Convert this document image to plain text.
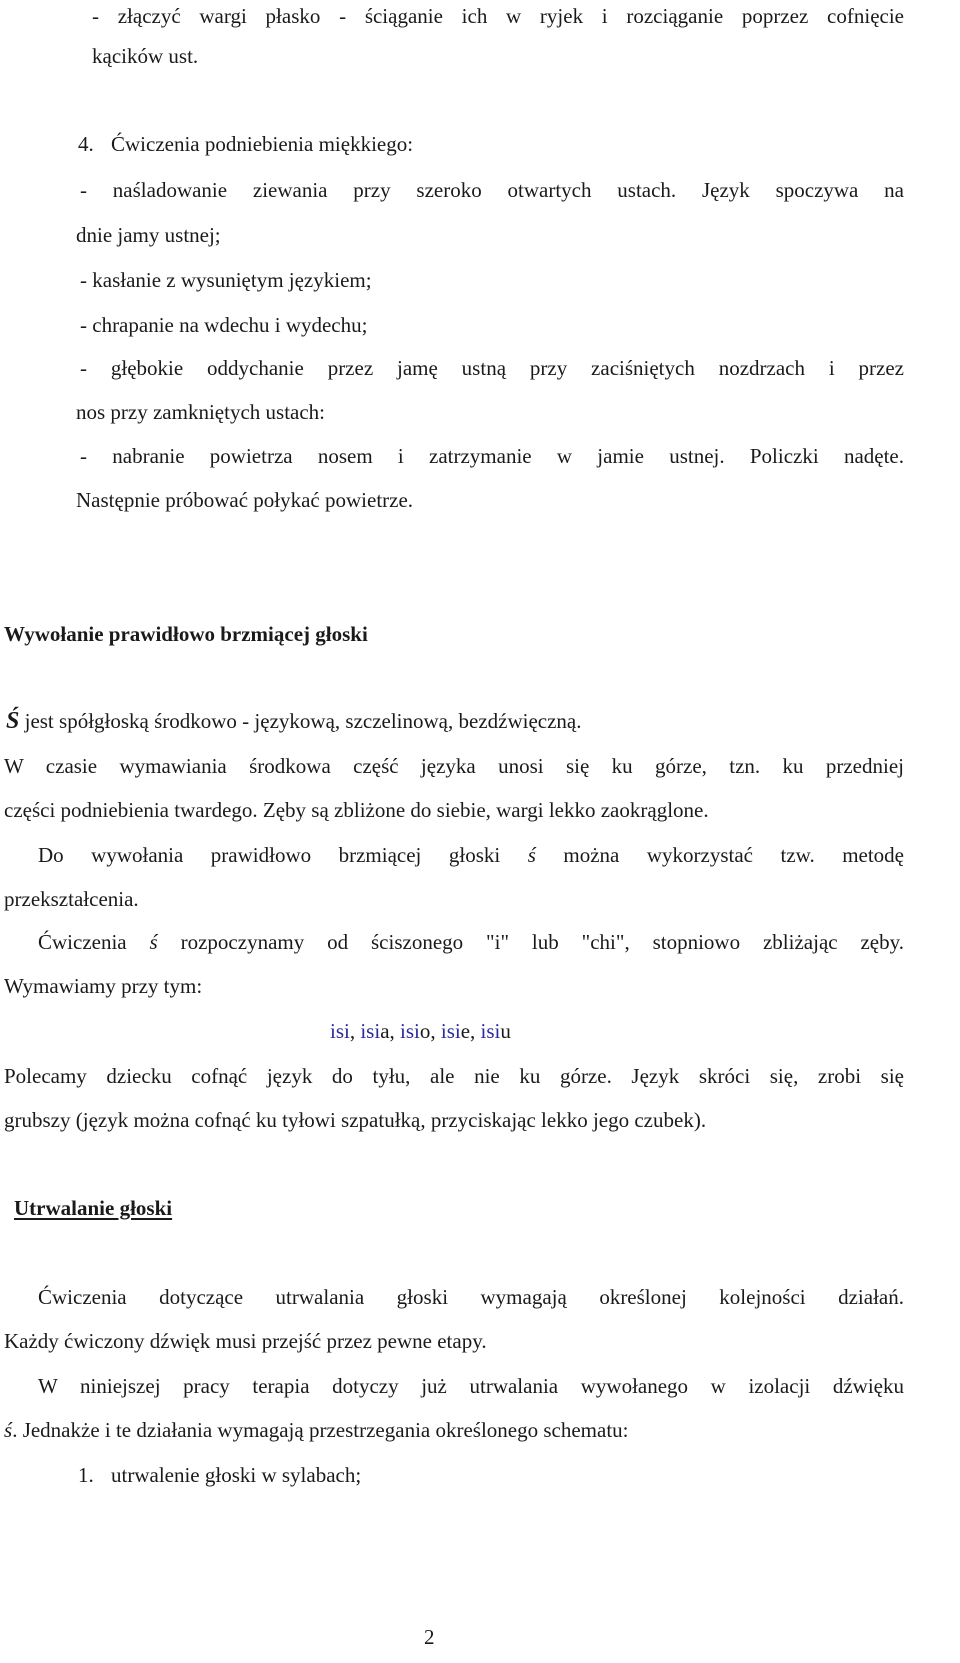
- złączyć wargi płasko - ściąganie ich w ryjek i rozciąganie poprzez cofnięcie
kącików ust.
4. Ćwiczenia podniebienia miękkiego:
- naśladowanie ziewania przy szeroko otwartych ustach. Język spoczywa na
dnie jamy ustnej;
- kasłanie z wysuniętym językiem;
- chrapanie na wdechu i wydechu;
- głębokie oddychanie przez jamę ustną przy zaciśniętych nozdrzach i przez
nos przy zamkniętych ustach:
- nabranie powietrza nosem i zatrzymanie w jamie ustnej. Policzki nadęte.
Następnie próbować połykać powietrze.
Wywołanie prawidłowo brzmiącej głoski
Ś jest spółgłoską środkowo - językową, szczelinową, bezdźwięczną.
W czasie wymawiania środkowa część języka unosi się ku górze, tzn. ku przedniej
części podniebienia twardego. Zęby są zbliżone do siebie, wargi lekko zaokrąglone.
Do wywołania prawidłowo brzmiącej głoski ś można wykorzystać tzw. metodę
przekształcenia.
Ćwiczenia ś rozpoczynamy od ściszonego "i" lub "chi", stopniowo zbliżając zęby.
Wymawiamy przy tym:
isi, isia, isio, isie, isiu
Polecamy dziecku cofnąć język do tyłu, ale nie ku górze. Język skróci się, zrobi się
grubszy (język można cofnąć ku tyłowi szpatułką, przyciskając lekko jego czubek).
Utrwalanie głoski
Ćwiczenia dotyczące utrwalania głoski wymagają określonej kolejności działań.
Każdy ćwiczony dźwięk musi przejść przez pewne etapy.
W niniejszej pracy terapia dotyczy już utrwalania wywołanego w izolacji dźwięku
ś. Jednakże i te działania wymagają przestrzegania określonego schematu:
1. utrwalenie głoski w sylabach;
2
